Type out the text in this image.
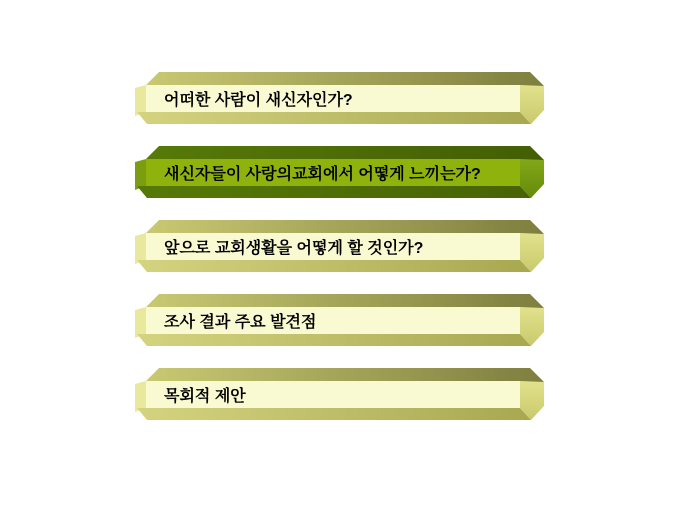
어떠한 사람이 새신자인가?
새신자들이 사랑의교회에서 어떻게 느끼는가?
앞으로 교회생활을 어떻게 할 것인가?
조사 결과 주요 발견점
목회적 제안
